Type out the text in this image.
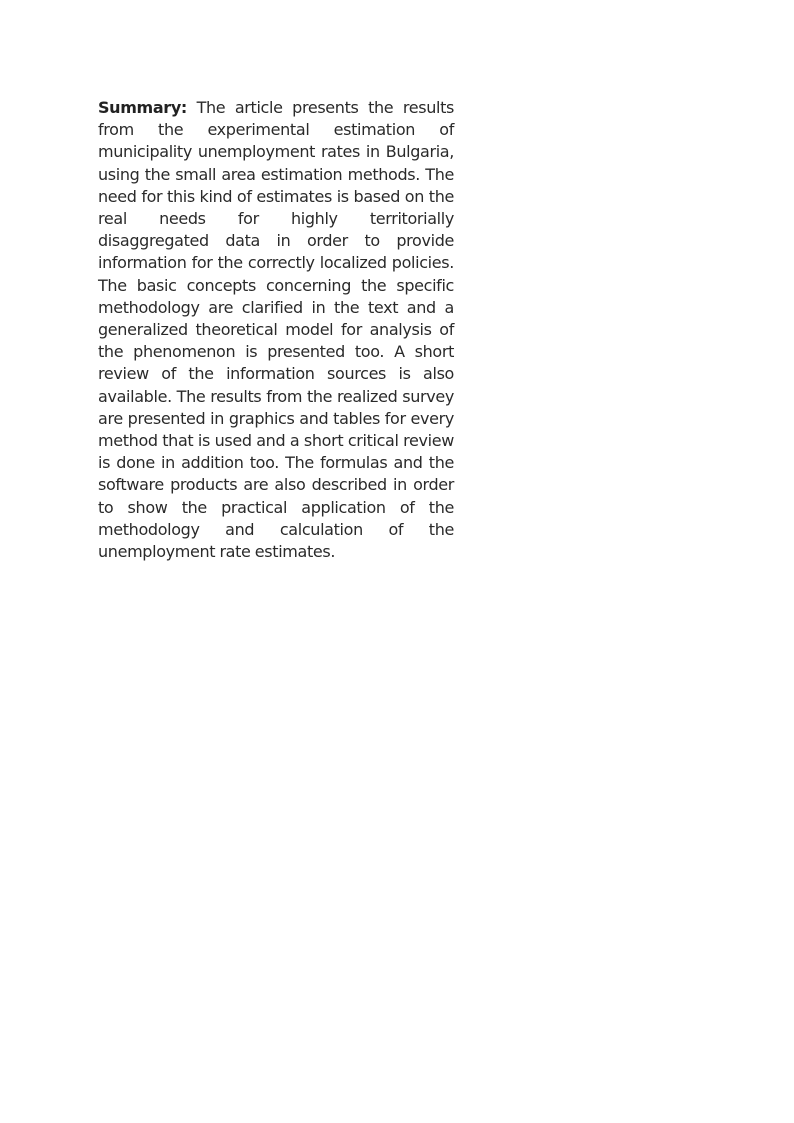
Summary: The article presents the results from the experimental estimation of municipality unemployment rates in Bulgaria, using the small area estimation methods. The need for this kind of estimates is based on the real needs for highly territorially disaggregated data in order to provide information for the correctly localized policies. The basic concepts concerning the specific methodology are clarified in the text and a generalized theoretical model for analysis of the phenomenon is presented too. A short review of the information sources is also available. The results from the realized survey are presented in graphics and tables for every method that is used and a short critical review is done in addition too. The formulas and the software products are also described in order to show the practical application of the methodology and calculation of the unemployment rate estimates.
